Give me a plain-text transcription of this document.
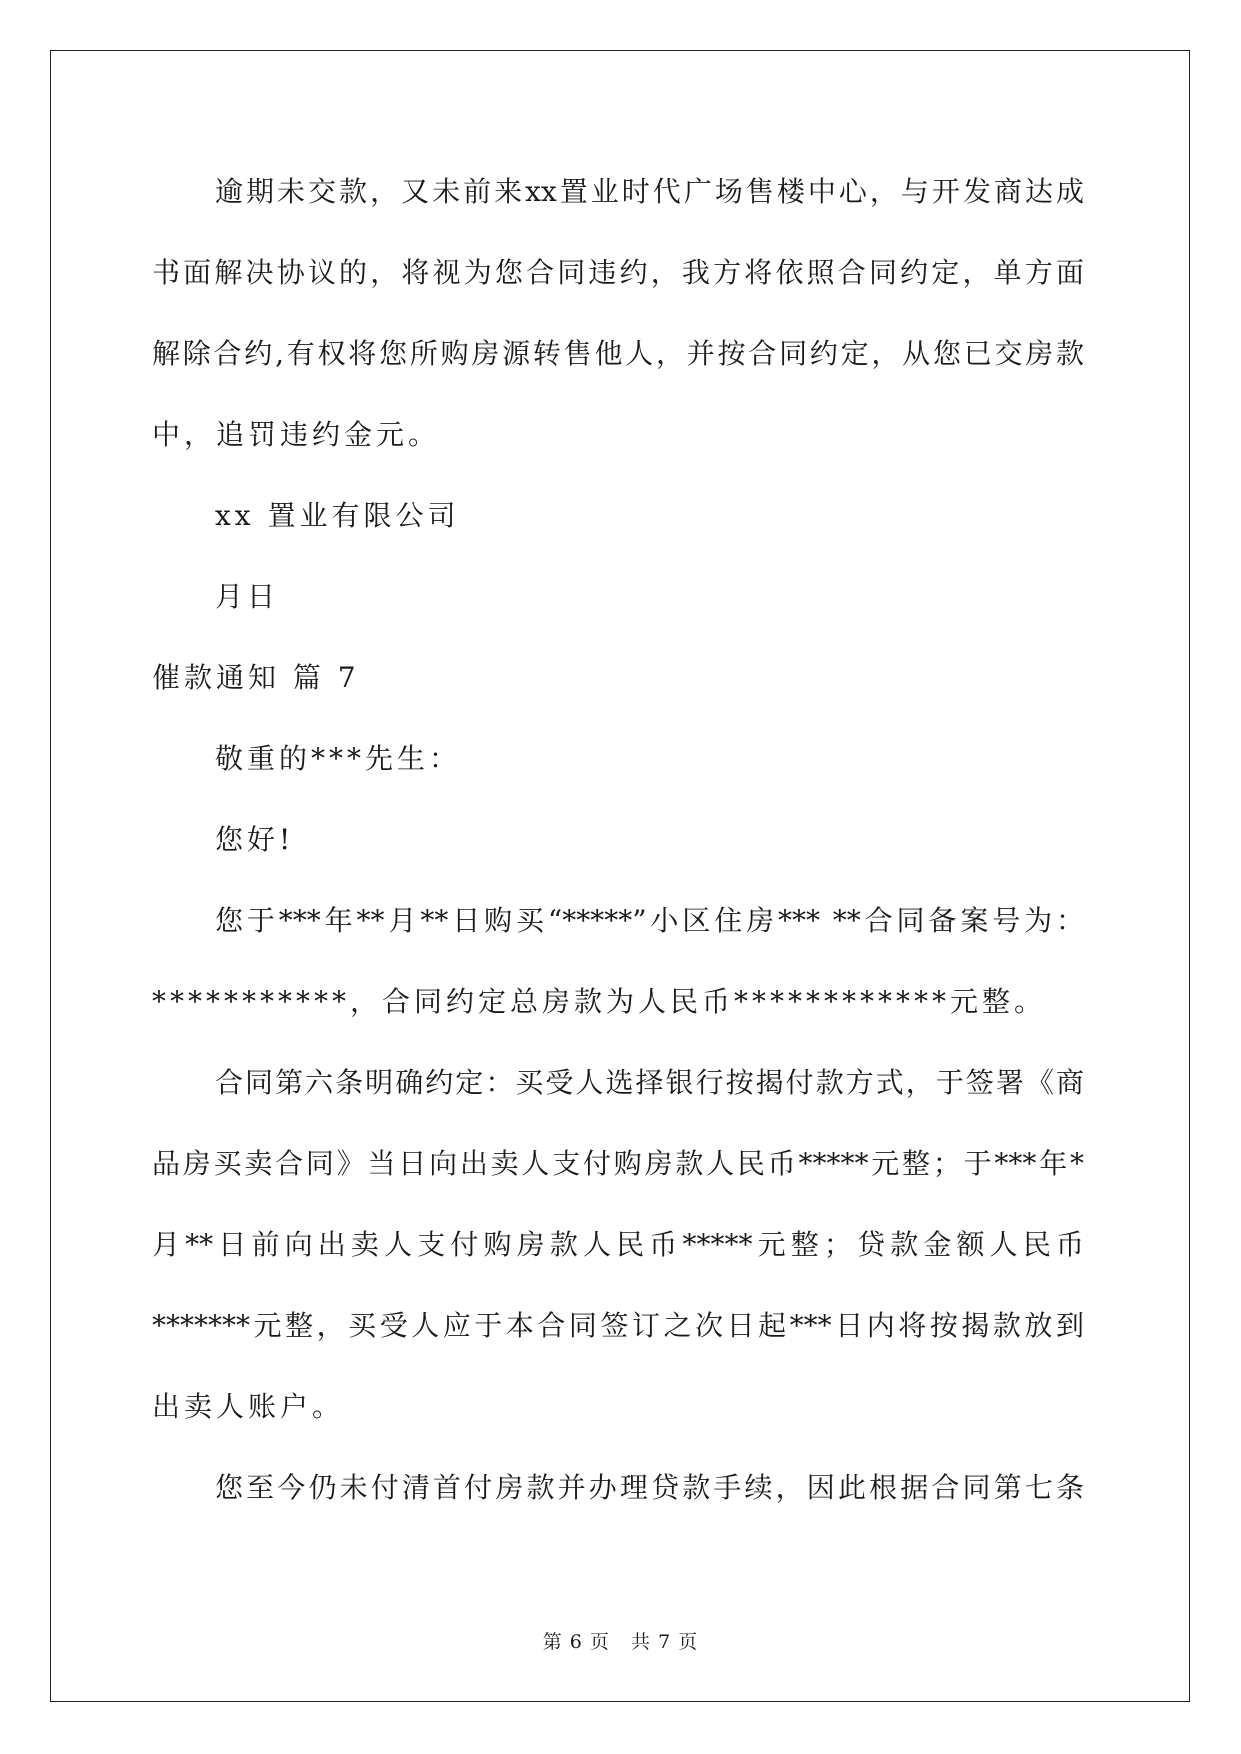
逾期未交款，又未前来xx置业时代广场售楼中心，与开发商达成
书面解决协议的，将视为您合同违约，我方将依照合同约定，单方面
解除合约,有权将您所购房源转售他人，并按合同约定，从您已交房款
中，追罚违约金元。
xx 置业有限公司
月日
催款通知 篇 7
敬重的***先生：
您好!
您于***年**月**日购买“*****”小区住房*** **合同备案号为：
***********，合同约定总房款为人民币************元整。
合同第六条明确约定：买受人选择银行按揭付款方式，于签署《商
品房买卖合同》当日向出卖人支付购房款人民币*****元整；于***年*
月**日前向出卖人支付购房款人民币*****元整；贷款金额人民币
*******元整，买受人应于本合同签订之次日起***日内将按揭款放到
出卖人账户。
您至今仍未付清首付房款并办理贷款手续，因此根据合同第七条
第 6 页   共 7 页
